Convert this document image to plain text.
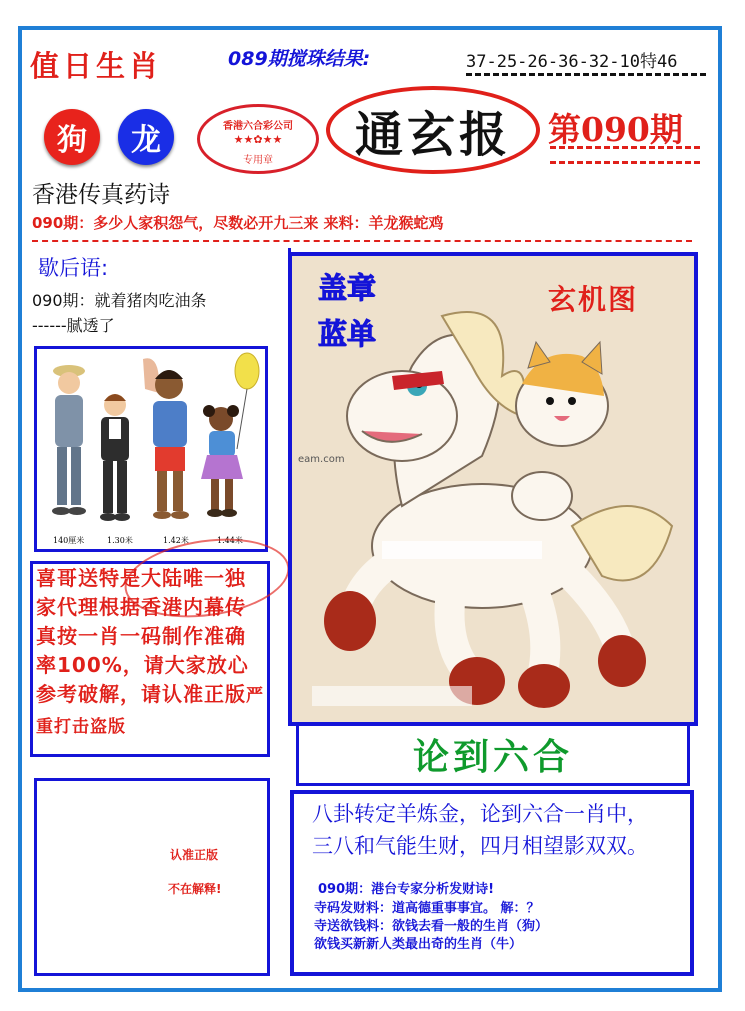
值日生肖	089期搅珠结果:	37-25-26-36-32-10特46
狗 龙	香港六合彩公司
★★✿★★
专用章	通玄报 第090期
香港传真药诗
090期：多少人家积怨气，尽数必开九三来 来料：羊龙猴蛇鸡
歇后语:
090期：就着猪肉吃油条
------腻透了
140厘米	1.30米	1.42米	1.44米
喜哥送特是大陆唯一独家代理根据香港内幕传真按一肖一码制作准确率100%，请大家放心参考破解，请认准正版严重打击盗版
认准正版
不在解释!
eam.com
盖章
蓝单
玄机图
论到六合
八卦转定羊炼金，论到六合一肖中，
三八和气能生财，四月相望影双双。
090期：港台专家分析发财诗!
寺码发财料：道高德重事事宜。 解：？
寺送欲钱料：欲钱去看一般的生肖（狗）
欲钱买新新人类最出奇的生肖（牛）
